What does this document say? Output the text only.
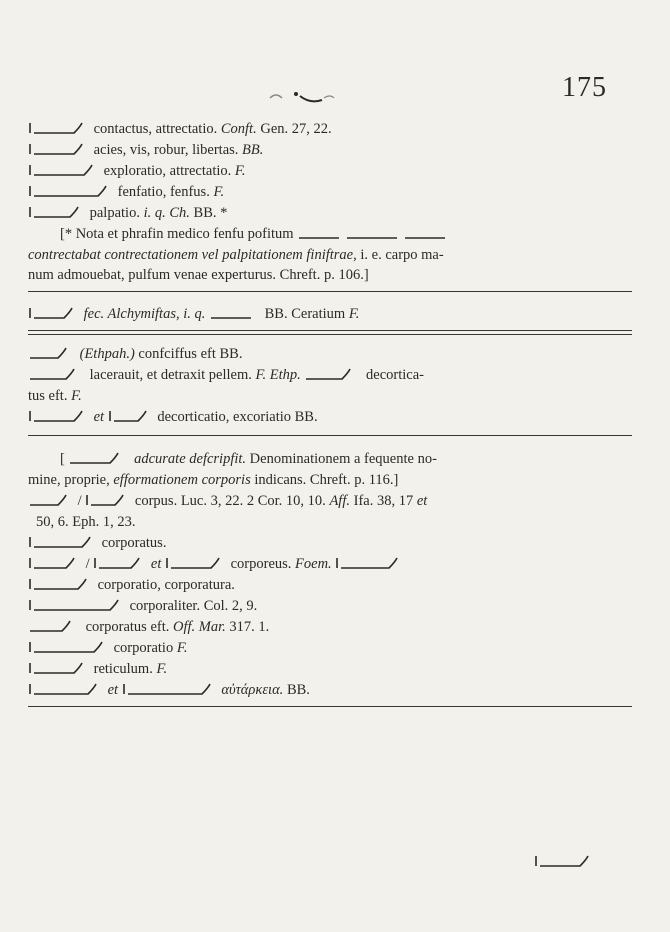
175
contactus, attrectatio. Conft. Gen. 27, 22.
acies, vis, robur, libertas. BB.
exploratio, attrectatio. F.
fenfatio, fenfus. F.
palpatio. i. q. Ch. BB. *
[* Nota et phrafin medico fenfu pofitum
contrectabat contrectationem vel palpitationem finiftrae, i. e. carpo ma-
num admouebat, pulfum venae experturus. Chreft. p. 106.]
fec. Alchymiftas, i. q.	BB. Ceratium F.
(Ethpah.) confciffus eft BB.
lacerauit, et detraxit pellem. F. Ethp.	decortica-
tus eft. F.
et	decorticatio, excoriatio BB.
[	adcurate defcripfit. Denominationem a fequente no-
mine, proprie, efformationem corporis indicans. Chreft. p. 116.]
/	corpus. Luc. 3, 22. 2 Cor. 10, 10. Aff. Ifa. 38, 17 et
50, 6. Eph. 1, 23.
corporatus.
/	et	corporeus. Foem.
corporatio, corporatura.
corporaliter. Col. 2, 9.
corporatus eft. Off. Mar. 317. 1.
corporatio F.
reticulum. F.
et	αὐτάρκεια. BB.
